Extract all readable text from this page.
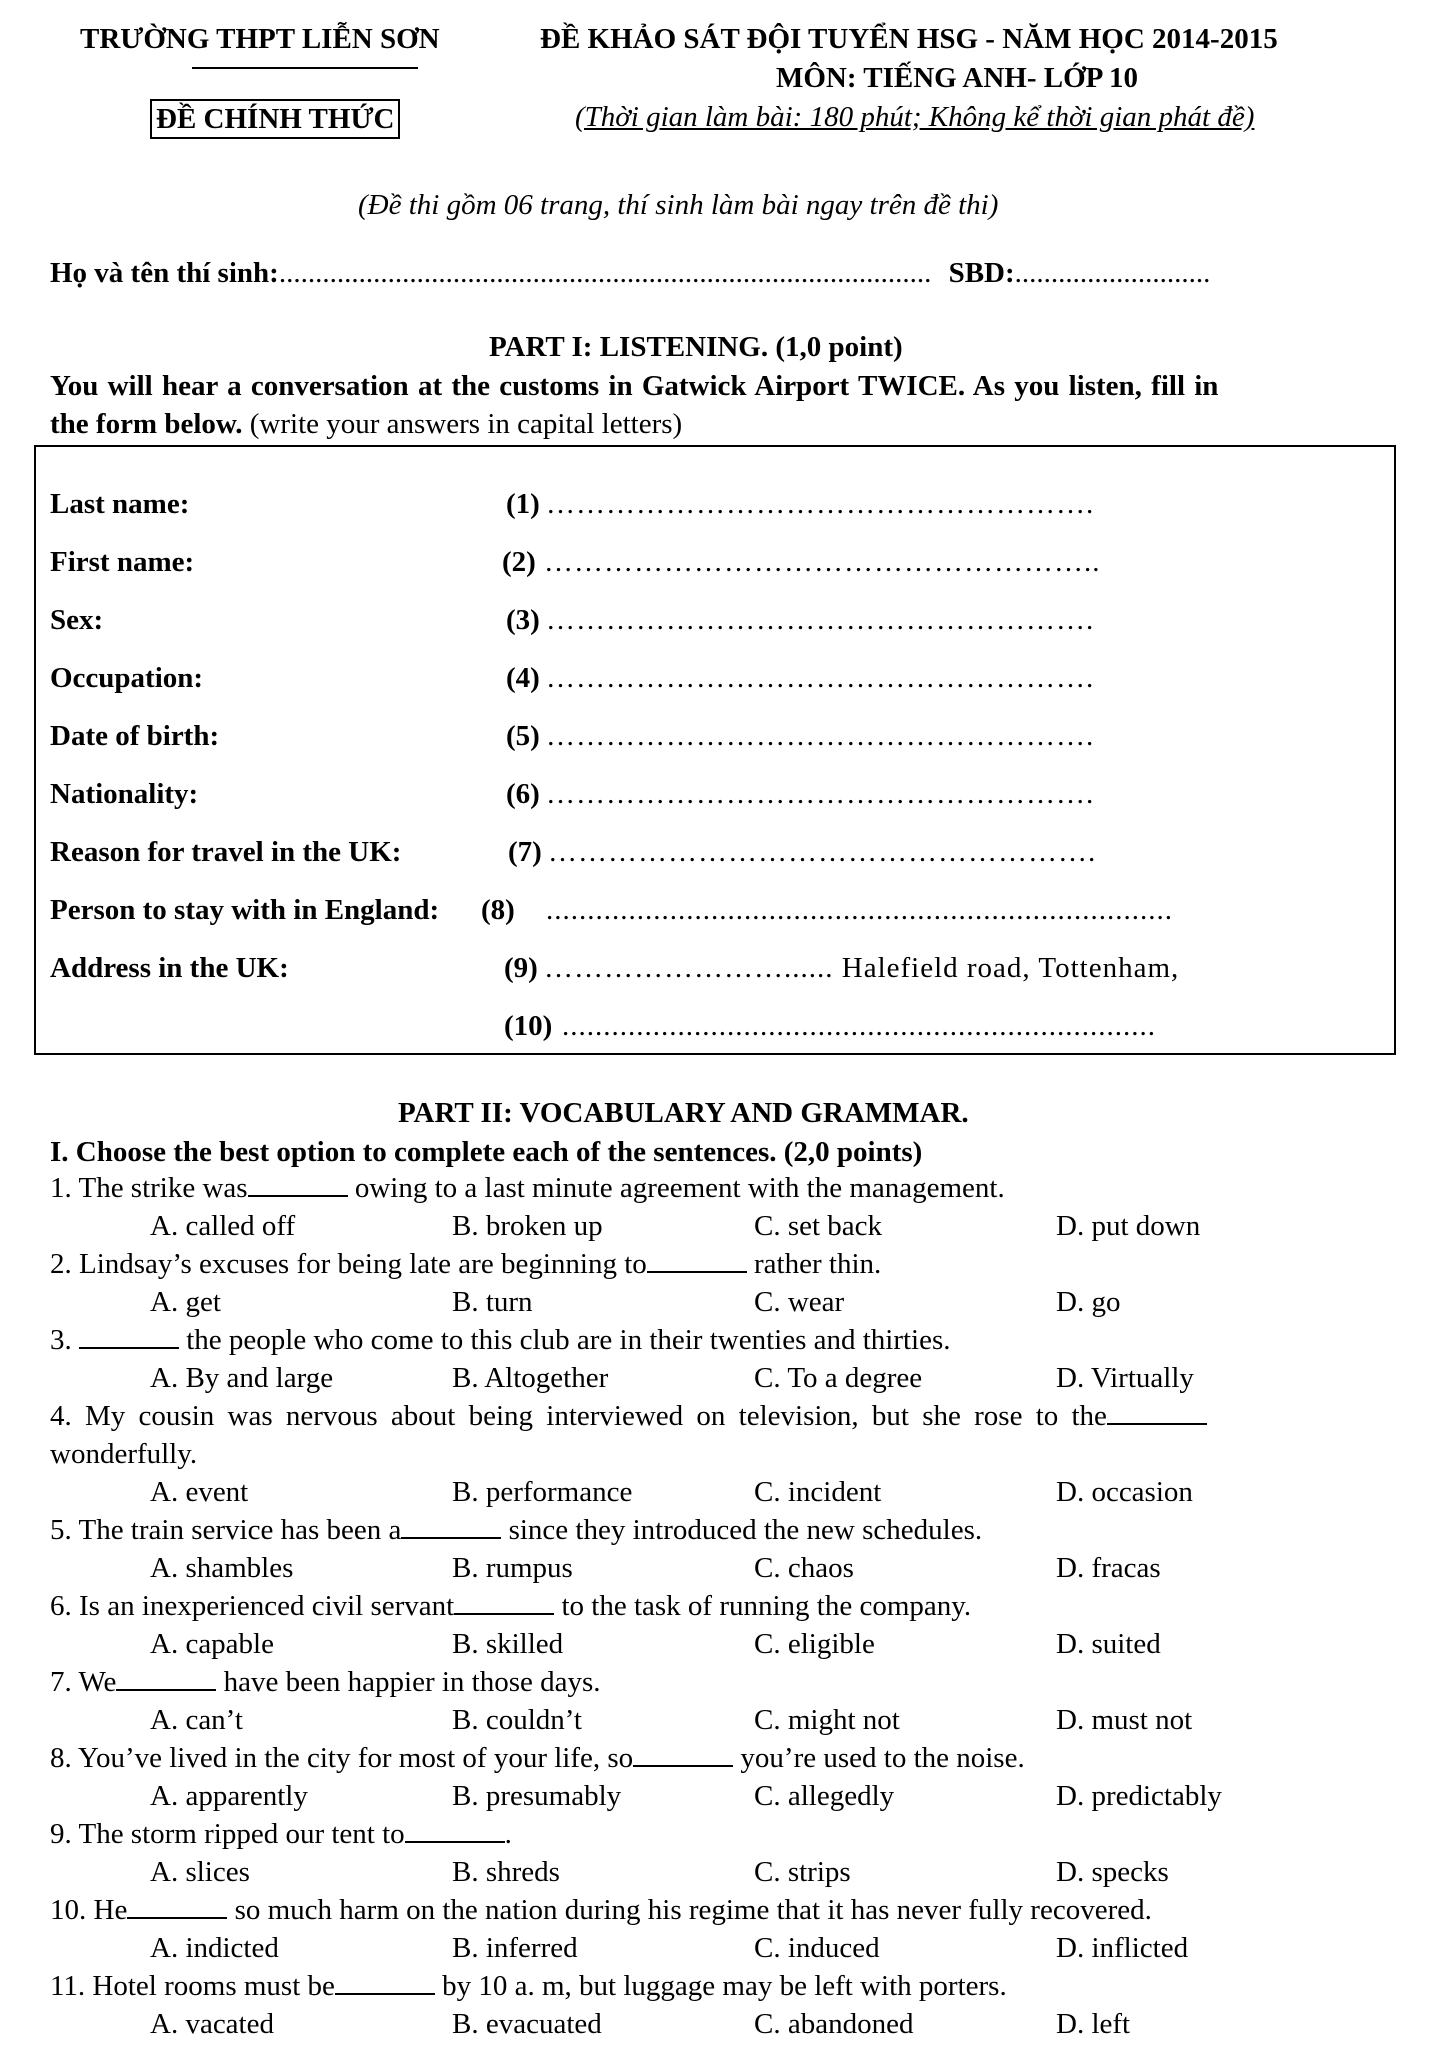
TRƯỜNG THPT LIỄN SƠN
ĐỀ CHÍNH THỨC
ĐỀ KHẢO SÁT ĐỘI TUYỂN HSG - NĂM HỌC 2014-2015
MÔN: TIẾNG ANH- LỚP 10
(Thời gian làm bài: 180 phút; Không kể thời gian phát đề)
(Đề thi gồm 06 trang, thí sinh làm bài ngay trên đề thi)
Họ và tên thí sinh:.......................................................................................... SBD:...........................
PART I: LISTENING. (1,0 point)
You will hear a conversation at the customs in Gatwick Airport TWICE. As you listen, fill in
the form below. (write your answers in capital letters)
Last name:	(1) ……………………………………………….
First name:	(2) ………………………………………………..
Sex:	(3) ……………………………………………….
Occupation:	(4) ……………………………………………….
Date of birth:	(5) ……………………………………………….
Nationality:	(6) ……………………………………………….
Reason for travel in the UK:	(7) ……………………………………………….
Person to stay with in England: (8) ............................................................................
Address in the UK:	(9) ……………………...... Halefield road, Tottenham,
(10) ........................................................................
PART II: VOCABULARY AND GRAMMAR.
I. Choose the best option to complete each of the sentences. (2,0 points)
1. The strike was	owing to a last minute agreement with the management.
A. called off	B. broken up	C. set back	D. put down
2. Lindsay’s excuses for being late are beginning to	rather thin.
A. get	B. turn	C. wear	D. go
3.	the people who come to this club are in their twenties and thirties.
A. By and large	B. Altogether	C. To a degree	D. Virtually
4. My cousin was nervous about being interviewed on television, but she rose to the
wonderfully.
A. event	B. performance	C. incident	D. occasion
5. The train service has been a	since they introduced the new schedules.
A. shambles	B. rumpus	C. chaos	D. fracas
6. Is an inexperienced civil servant	to the task of running the company.
A. capable	B. skilled	C. eligible	D. suited
7. We	have been happier in those days.
A. can’t	B. couldn’t	C. might not	D. must not
8. You’ve lived in the city for most of your life, so	you’re used to the noise.
A. apparently	B. presumably	C. allegedly	D. predictably
9. The storm ripped our tent to	.
A. slices	B. shreds	C. strips	D. specks
10. He	so much harm on the nation during his regime that it has never fully recovered.
A. indicted	B. inferred	C. induced	D. inflicted
11. Hotel rooms must be	by 10 a. m, but luggage may be left with porters.
A. vacated	B. evacuated	C. abandoned	D. left
